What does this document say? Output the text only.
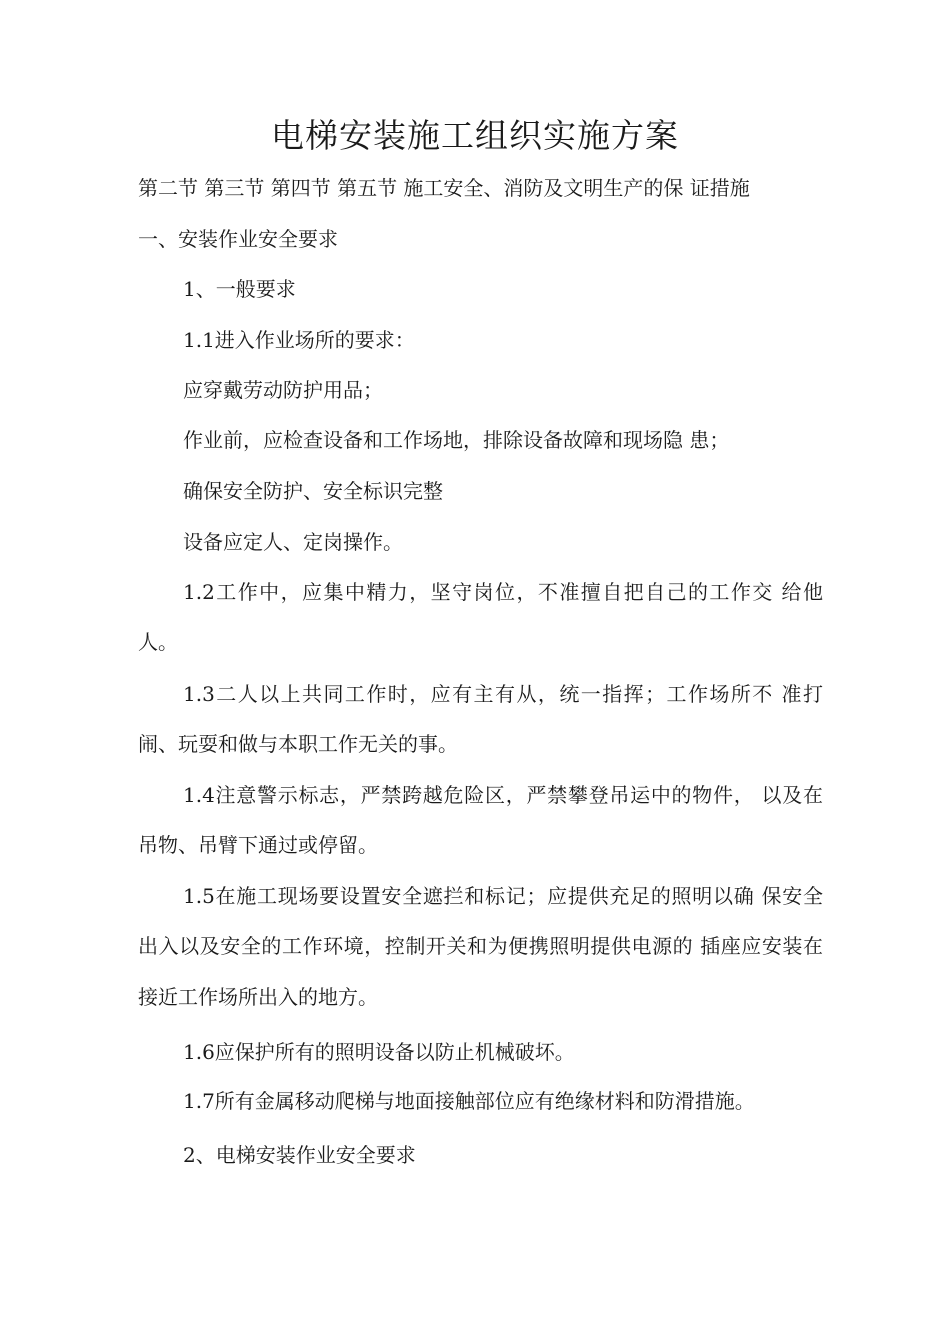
电梯安装施工组织实施方案
第二节 第三节 第四节 第五节 施工安全、消防及文明生产的保 证措施
一、安装作业安全要求
1、一般要求
1.1进入作业场所的要求：
应穿戴劳动防护用品；
作业前，应检查设备和工作场地，排除设备故障和现场隐 患；
确保安全防护、安全标识完整
设备应定人、定岗操作。
1.2工作中，应集中精力，坚守岗位，不准擅自把自己的工作交 给他
人。
1.3二人以上共同工作时，应有主有从，统一指挥；工作场所不 准打
闹、玩耍和做与本职工作无关的事。
1.4注意警示标志，严禁跨越危险区，严禁攀登吊运中的物件， 以及在
吊物、吊臂下通过或停留。
1.5在施工现场要设置安全遮拦和标记；应提供充足的照明以确 保安全
出入以及安全的工作环境，控制开关和为便携照明提供电源的 插座应安装在
接近工作场所出入的地方。
1.6应保护所有的照明设备以防止机械破坏。
1.7所有金属移动爬梯与地面接触部位应有绝缘材料和防滑措施。
2、电梯安装作业安全要求
